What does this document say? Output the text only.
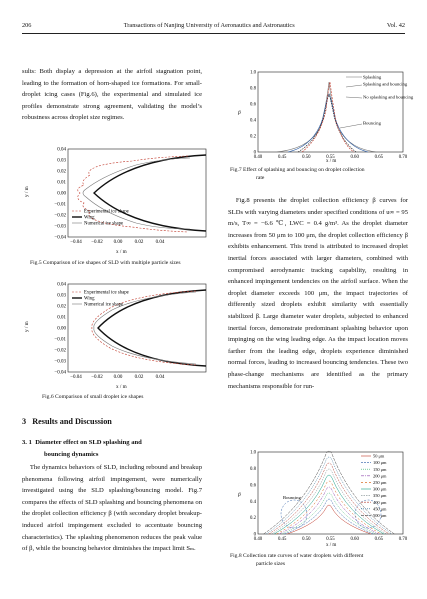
206	Transactions of Nanjing University of Aeronautics and Astronautics	Vol. 42

sults: Both display a depression at the airfoil stagnation point, leading to the formation of horn-shaped ice formations. For small-droplet icing cases (Fig.6), the experimental and simulated ice profiles demonstrate strong agreement, validating the model’s robustness across droplet size regimes.

0.04
0.03
0.02
0.01
0.00
−0.01
−0.02
−0.03
−0.04
−0.04 −0.02 0.00 0.02 0.04
x / m
y / m
Experimental ice shape
Wing
Numerical ice shape
Fig.5 Comparison of ice shapes of SLD with multiple particle sizes
0.04
0.03
0.02
0.01
0.00
−0.01
−0.02
−0.03
−0.04
−0.04 −0.02 0.00 0.02 0.04
x / m
y / m
Experimental ice shape
Wing
Numerical ice shape
Fig.6 Comparison of small droplet ice shapes
3 Results and Discussion
3. 1 Diameter effect on SLD splashing and
bouncing dynamics

The dynamics behaviors of SLD, including rebound and breakup phenomena following airfoil impingement, were numerically investigated using the SLD splashing/bouncing model. Fig.7 compares the effects of SLD splashing and bouncing phenomena on the droplet collection efficiency β (with secondary droplet breakup-induced airfoil impingement excluded to accentuate bouncing characteristics). The splashing phenomenon reduces the peak value of β, while the bouncing behavior diminishes the impact limit Sₘ.

1.0
0.8
0.6
0.4
0.2
0
0.40	0.45	0.50	0.55	0.60	0.65	0.70
x / m
β
Splashing
Splashing and bouncing
No splashing and bouncing
Bouncing
Fig.7 Effect of splashing and bouncing on droplet collection
rate

Fig.8 presents the droplet collection efficiency β curves for SLDs with varying diameters under specified conditions of u∞ = 95 m/s, T∞ = −6.6 ℃, LWC = 0.4 g/m³. As the droplet diameter increases from 50 μm to 100 μm, the droplet collection efficiency β exhibits enhancement. This trend is attributed to increased droplet inertial forces associated with larger diameters, combined with compromised aerodynamic tracking capability, resulting in enhanced impingement tendencies on the airfoil surface. When the droplet diameter exceeds 100 μm, the impact trajectories of differently sized droplets exhibit similarity with essentially stabilized β. Large diameter water droplets, subjected to enhanced inertial forces, demonstrate predominant splashing behavior upon impinging on the wing leading edge. As the impact location moves farther from the leading edge, droplets experience diminished normal forces, leading to increased bouncing tendencies. These two phase-change mechanisms are identified as the primary mechanisms responsible for run-

1.0
0.8
0.6
0.4
0.2
0
0.40	0.45	0.50	0.55	0.60	0.65	0.70
x / m
β	Bouncing
50 μm
100 μm
150 μm
200 μm
250 μm
300 μm
350 μm
400 μm
450 μm
500 μm
Fig.8 Collection rate curves of water droplets with different
particle sizes
